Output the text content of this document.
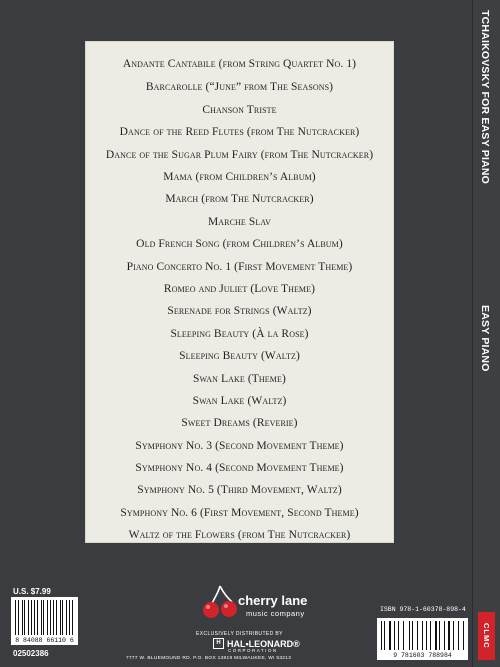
Andante Cantabile (from String Quartet No. 1)
Barcarolle (“June” from The Seasons)
Chanson Triste
Dance of the Reed Flutes (from The Nutcracker)
Dance of the Sugar Plum Fairy (from The Nutcracker)
Mama (from Children’s Album)
March (from The Nutcracker)
Marche Slav
Old French Song (from Children’s Album)
Piano Concerto No. 1 (First Movement Theme)
Romeo and Juliet (Love Theme)
Serenade for Strings (Waltz)
Sleeping Beauty (À la Rose)
Sleeping Beauty (Waltz)
Swan Lake (Theme)
Swan Lake (Waltz)
Sweet Dreams (Reverie)
Symphony No. 3 (Second Movement Theme)
Symphony No. 4 (Second Movement Theme)
Symphony No. 5 (Third Movement, Waltz)
Symphony No. 6 (First Movement, Second Theme)
Waltz of the Flowers (from The Nutcracker)
U.S. $7.99
8 84088 66110 6
02502386
cherry lane
music company
EXCLUSIVELY DISTRIBUTED BY
H HAL•LEONARD®
CORPORATION
7777 W. BLUEMOUND RD. P.O. BOX 13819 MILWAUKEE, WI 53213
ISBN 978-1-60378-898-4
9 781603 788984
TCHAIKOVSKY FOR EASY PIANO
EASY PIANO
CLMC
